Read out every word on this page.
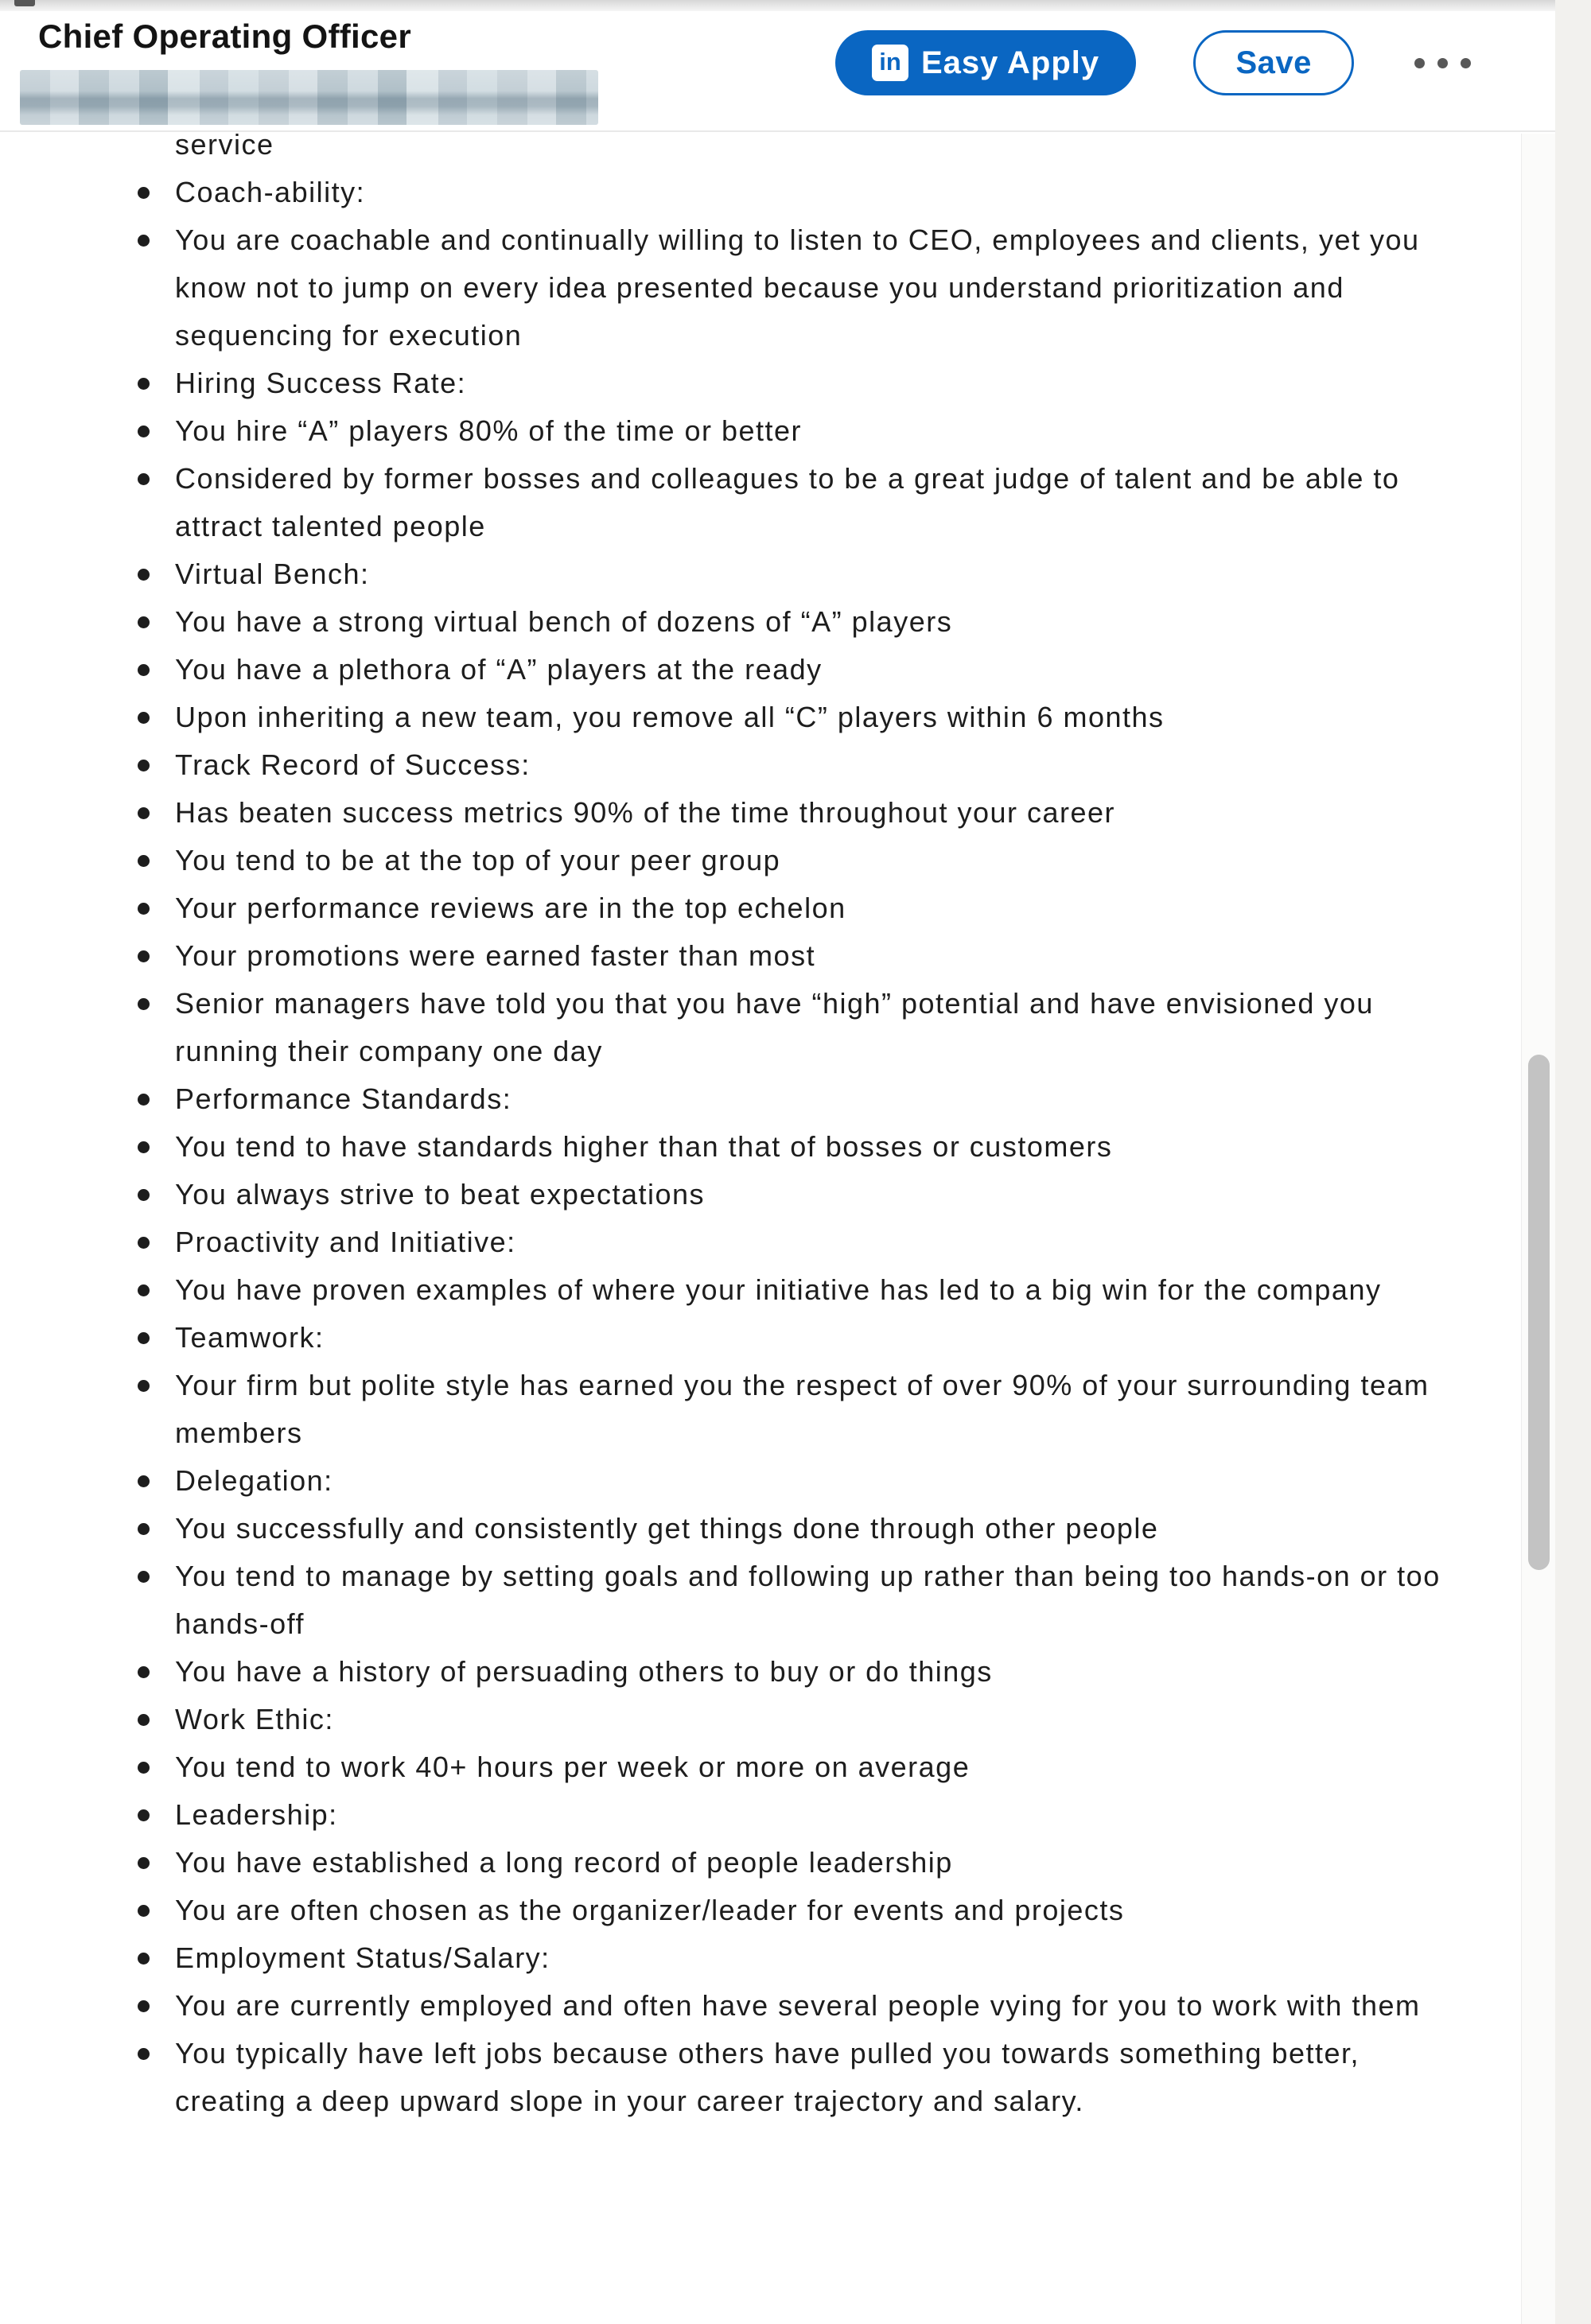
Chief Operating Officer
in Easy Apply	Save
service
Coach-ability:
You are coachable and continually willing to listen to CEO, employees and clients, yet you know not to jump on every idea presented because you understand prioritization and sequencing for execution
Hiring Success Rate:
You hire “A” players 80% of the time or better
Considered by former bosses and colleagues to be a great judge of talent and be able to attract talented people
Virtual Bench:
You have a strong virtual bench of dozens of “A” players
You have a plethora of “A” players at the ready
Upon inheriting a new team, you remove all “C” players within 6 months
Track Record of Success:
Has beaten success metrics 90% of the time throughout your career
You tend to be at the top of your peer group
Your performance reviews are in the top echelon
Your promotions were earned faster than most
Senior managers have told you that you have “high” potential and have envisioned you running their company one day
Performance Standards:
You tend to have standards higher than that of bosses or customers
You always strive to beat expectations
Proactivity and Initiative:
You have proven examples of where your initiative has led to a big win for the company
Teamwork:
Your firm but polite style has earned you the respect of over 90% of your surrounding team members
Delegation:
You successfully and consistently get things done through other people
You tend to manage by setting goals and following up rather than being too hands-on or too hands-off
You have a history of persuading others to buy or do things
Work Ethic:
You tend to work 40+ hours per week or more on average
Leadership:
You have established a long record of people leadership
You are often chosen as the organizer/leader for events and projects
Employment Status/Salary:
You are currently employed and often have several people vying for you to work with them
You typically have left jobs because others have pulled you towards something better, creating a deep upward slope in your career trajectory and salary.
